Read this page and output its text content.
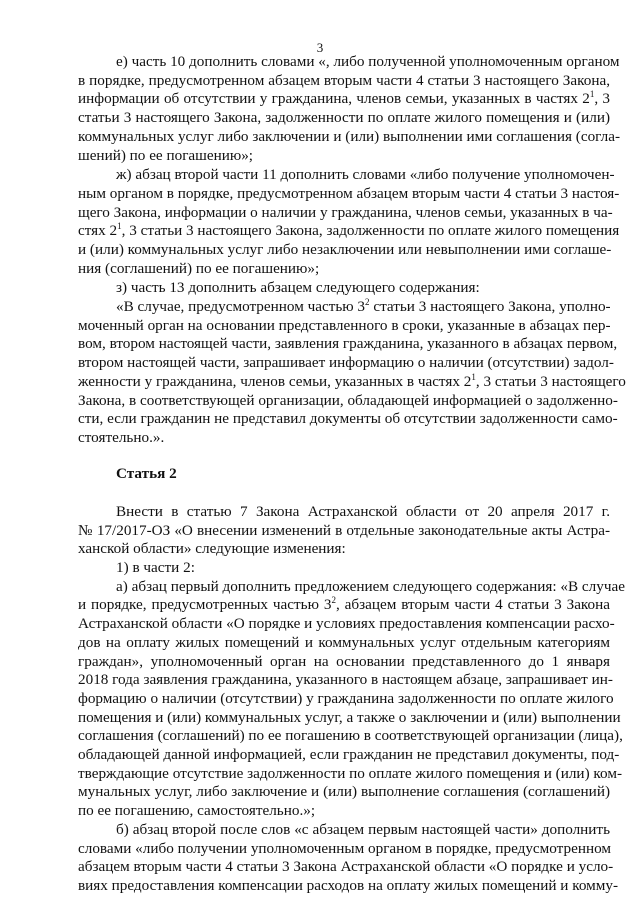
3
е) часть 10 дополнить словами «, либо полученной уполномоченным органом
в порядке, предусмотренном абзацем вторым части 4 статьи 3 настоящего Закона,
информации об отсутствии у гражданина, членов семьи, указанных в частях $2^1$, 3
статьи 3 настоящего Закона, задолженности по оплате жилого помещения и (или)
коммунальных услуг либо заключении и (или) выполнении ими соглашения (согла-
шений) по ее погашению»;
ж) абзац второй части 11 дополнить словами «либо получение уполномочен-
ным органом в порядке, предусмотренном абзацем вторым части 4 статьи 3 настоя-
щего Закона, информации о наличии у гражданина, членов семьи, указанных в ча-
стях $2^1$, 3 статьи 3 настоящего Закона, задолженности по оплате жилого помещения
и (или) коммунальных услуг либо незаключении или невыполнении ими соглаше-
ния (соглашений) по ее погашению»;
з) часть 13 дополнить абзацем следующего содержания:
«В случае, предусмотренном частью $3^2$ статьи 3 настоящего Закона, уполно-
моченный орган на основании представленного в сроки, указанные в абзацах пер-
вом, втором настоящей части, заявления гражданина, указанного в абзацах первом,
втором настоящей части, запрашивает информацию о наличии (отсутствии) задол-
женности у гражданина, членов семьи, указанных в частях $2^1$, 3 статьи 3 настоящего
Закона, в соответствующей организации, обладающей информацией о задолженно-
сти, если гражданин не представил документы об отсутствии задолженности само-
стоятельно.».
Статья 2
Внести в статью 7 Закона Астраханской области от 20 апреля 2017 г.
№ 17/2017-ОЗ «О внесении изменений в отдельные законодательные акты Астра-
ханской области» следующие изменения:
1) в части 2:
а) абзац первый дополнить предложением следующего содержания: «В случае
и порядке, предусмотренных частью $3^2$, абзацем вторым части 4 статьи 3 Закона
Астраханской области «О порядке и условиях предоставления компенсации расхо-
дов на оплату жилых помещений и коммунальных услуг отдельным категориям
граждан», уполномоченный орган на основании представленного до 1 января
2018 года заявления гражданина, указанного в настоящем абзаце, запрашивает ин-
формацию о наличии (отсутствии) у гражданина задолженности по оплате жилого
помещения и (или) коммунальных услуг, а также о заключении и (или) выполнении
соглашения (соглашений) по ее погашению в соответствующей организации (лица),
обладающей данной информацией, если гражданин не представил документы, под-
тверждающие отсутствие задолженности по оплате жилого помещения и (или) ком-
мунальных услуг, либо заключение и (или) выполнение соглашения (соглашений)
по ее погашению, самостоятельно.»;
б) абзац второй после слов «с абзацем первым настоящей части» дополнить
словами «либо получении уполномоченным органом в порядке, предусмотренном
абзацем вторым части 4 статьи 3 Закона Астраханской области «О порядке и усло-
виях предоставления компенсации расходов на оплату жилых помещений и комму-
